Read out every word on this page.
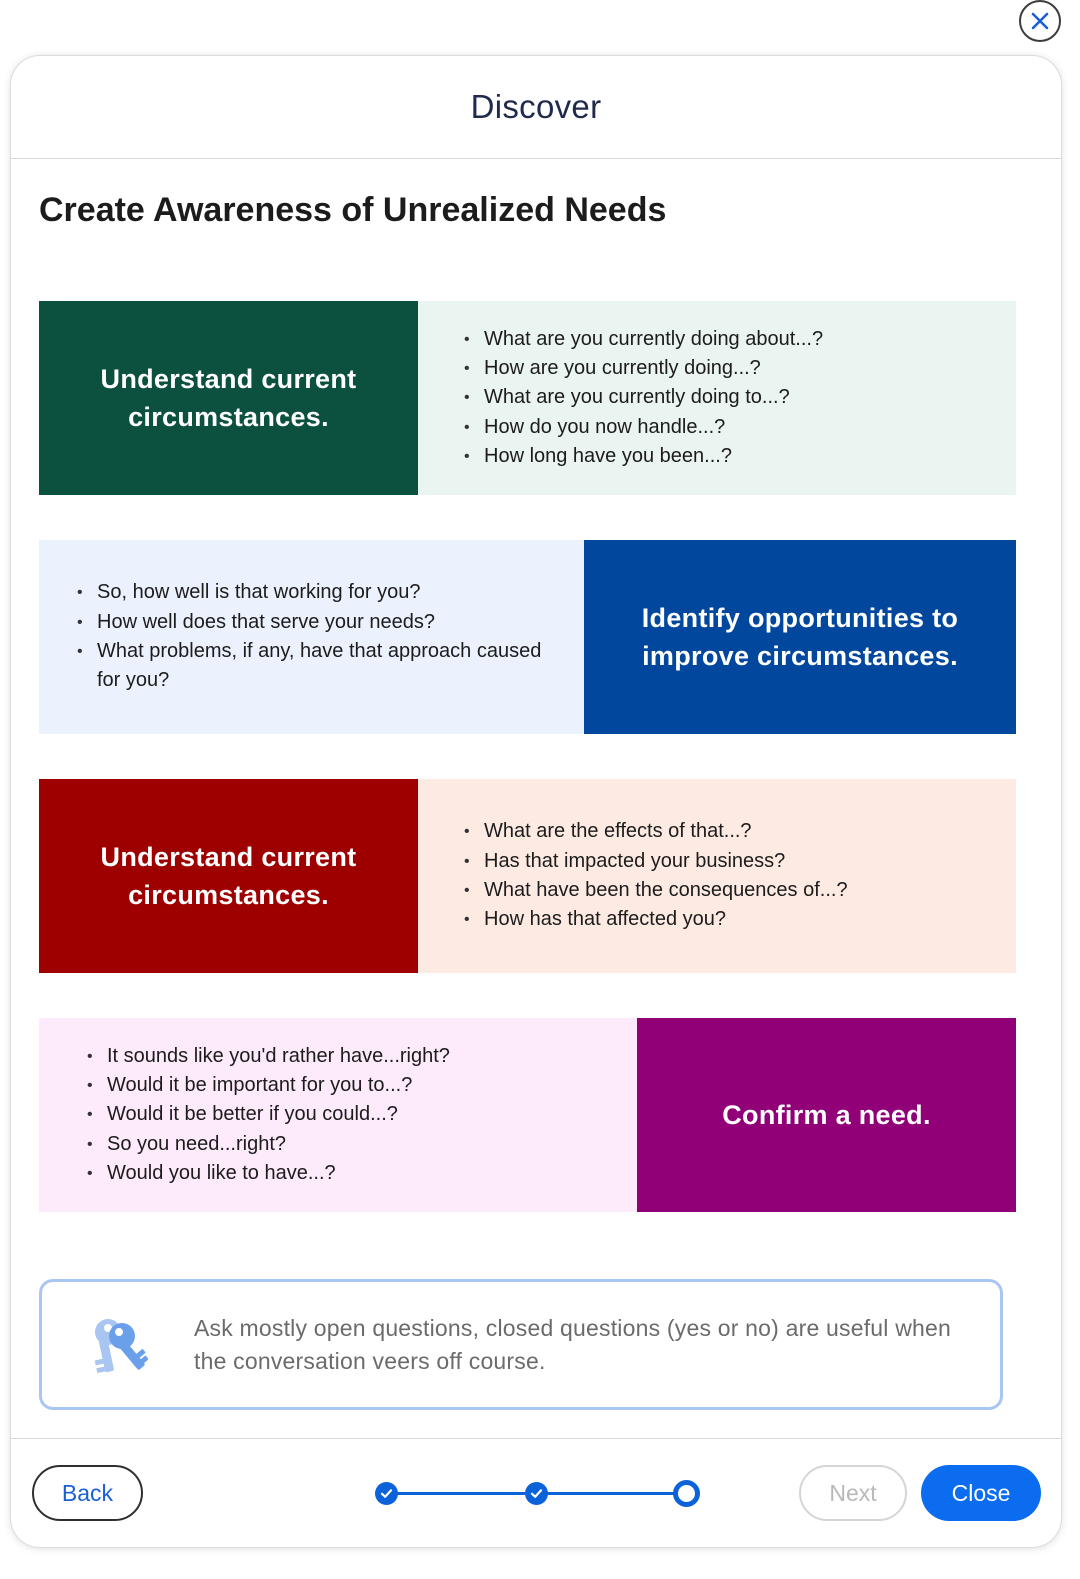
Discover
Create Awareness of Unrealized Needs
Understand current circumstances.
• What are you currently doing about...?
• How are you currently doing...?
• What are you currently doing to...?
• How do you now handle...?
• How long have you been...?
• So, how well is that working for you?
• How well does that serve your needs?
• What problems, if any, have that approach caused for you?
Identify opportunities to improve circumstances.
Understand current circumstances.
• What are the effects of that...?
• Has that impacted your business?
• What have been the consequences of...?
• How has that affected you?
• It sounds like you'd rather have...right?
• Would it be important for you to...?
• Would it be better if you could...?
• So you need...right?
• Would you like to have...?
Confirm a need.

Ask mostly open questions, closed questions (yes or no) are useful when the conversation veers off course.

Back	Next	Close
